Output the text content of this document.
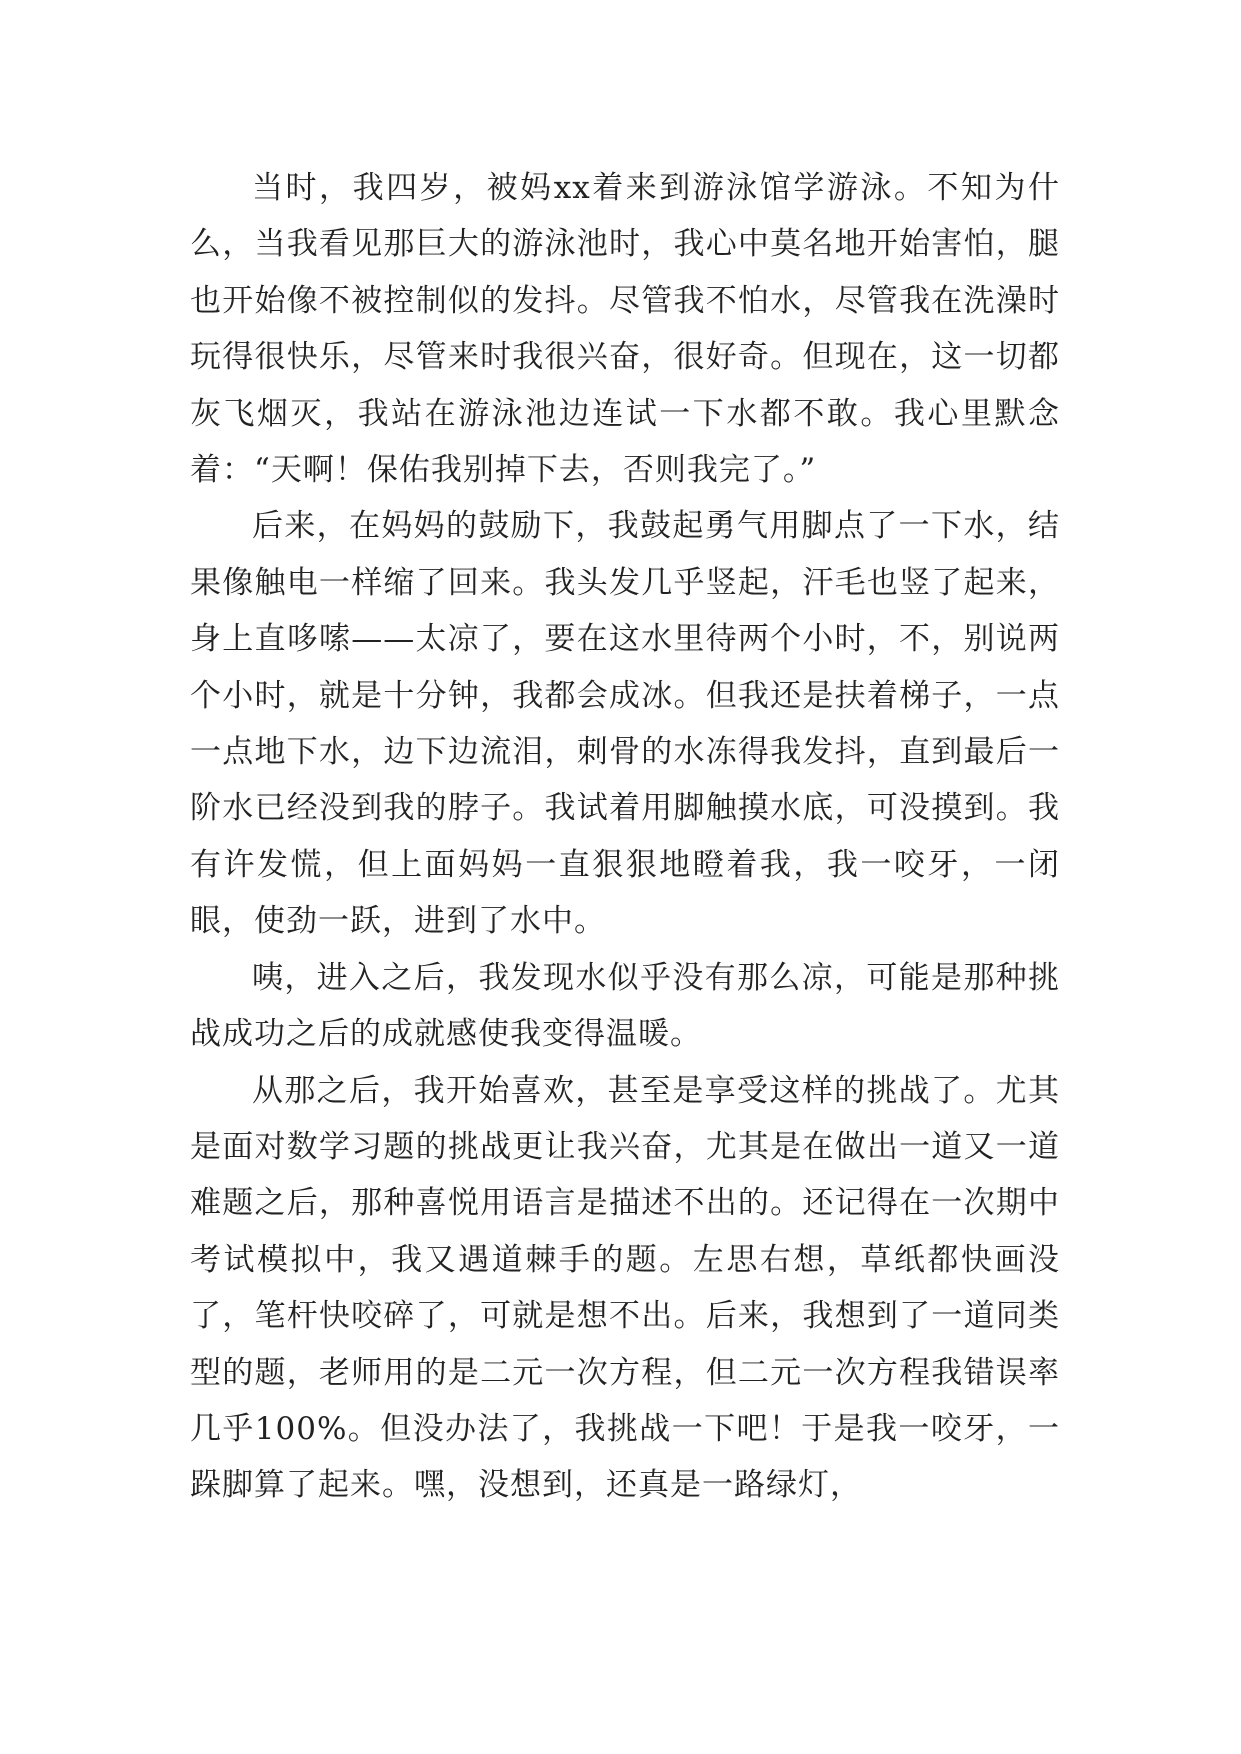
当时，我四岁，被妈xx着来到游泳馆学游泳。不知为什么，当我看见那巨大的游泳池时，我心中莫名地开始害怕，腿也开始像不被控制似的发抖。尽管我不怕水，尽管我在洗澡时玩得很快乐，尽管来时我很兴奋，很好奇。但现在，这一切都灰飞烟灭，我站在游泳池边连试一下水都不敢。我心里默念着：“天啊！保佑我别掉下去，否则我完了。”

后来，在妈妈的鼓励下，我鼓起勇气用脚点了一下水，结果像触电一样缩了回来。我头发几乎竖起，汗毛也竖了起来，身上直哆嗦——太凉了，要在这水里待两个小时，不，别说两个小时，就是十分钟，我都会成冰。但我还是扶着梯子，一点一点地下水，边下边流泪，刺骨的水冻得我发抖，直到最后一阶水已经没到我的脖子。我试着用脚触摸水底，可没摸到。我有许发慌，但上面妈妈一直狠狠地瞪着我，我一咬牙，一闭眼，使劲一跃，进到了水中。

咦，进入之后，我发现水似乎没有那么凉，可能是那种挑战成功之后的成就感使我变得温暖。

从那之后，我开始喜欢，甚至是享受这样的挑战了。尤其是面对数学习题的挑战更让我兴奋，尤其是在做出一道又一道难题之后，那种喜悦用语言是描述不出的。还记得在一次期中考试模拟中，我又遇道棘手的题。左思右想，草纸都快画没了，笔杆快咬碎了，可就是想不出。后来，我想到了一道同类型的题，老师用的是二元一次方程，但二元一次方程我错误率几乎100%。但没办法了，我挑战一下吧！于是我一咬牙，一跺脚算了起来。嘿，没想到，还真是一路绿灯，
